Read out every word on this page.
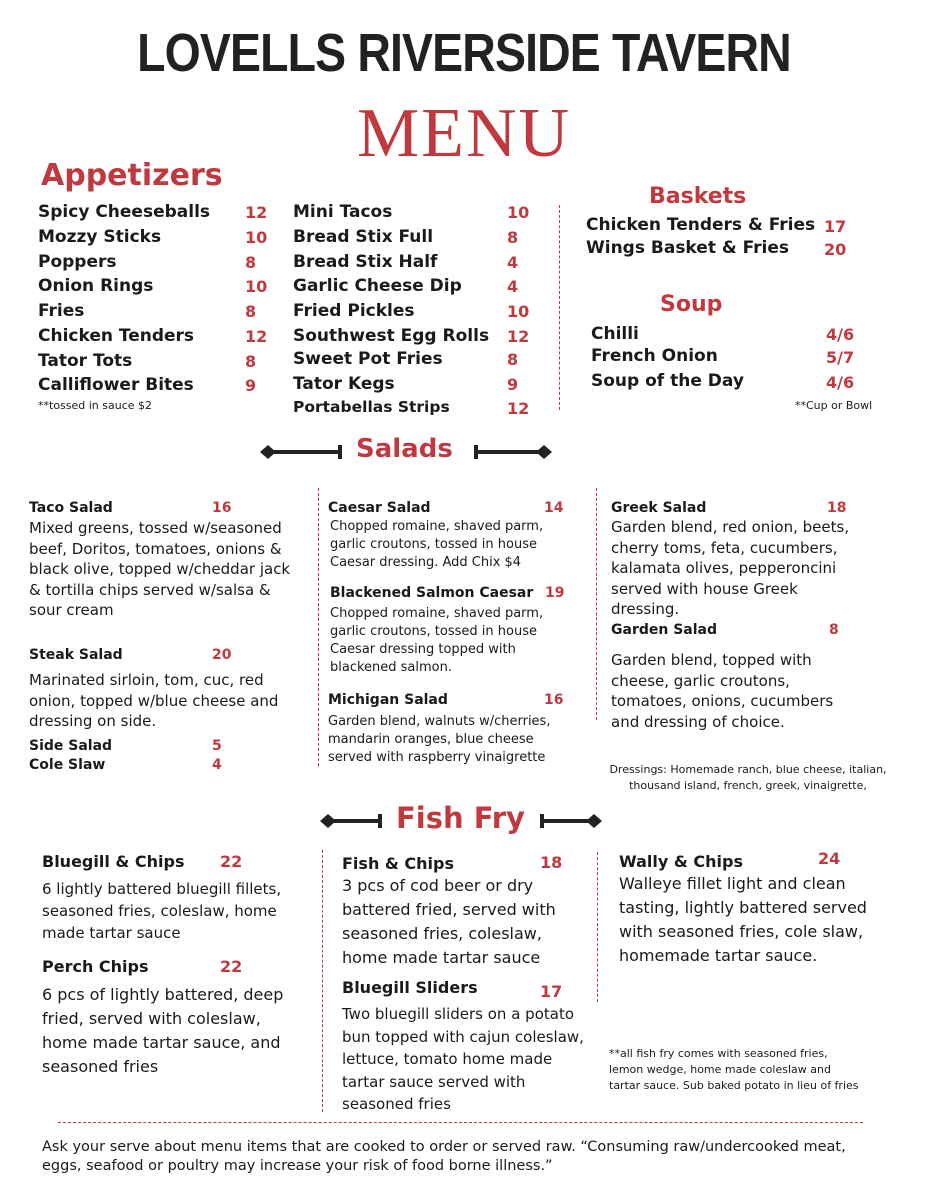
LOVELLS RIVERSIDE TAVERN
MENU
Appetizers
Spicy Cheeseballs 12
Mozzy Sticks	10
Poppers	8
Onion Rings	10
Fries	8
Chicken Tenders	12
Tator Tots	8
Calliflower Bites	9
**tossed in sauce $2
Mini Tacos	10
Bread Stix Full	8
Bread Stix Half	4
Garlic Cheese Dip	4
Fried Pickles	10
Southwest Egg Rolls 12
Sweet Pot Fries	8
Tator Kegs	9
Portabellas Strips	12
Baskets
Chicken Tenders & Fries 17
Wings Basket & Fries 20
Soup
Chilli	4/6
French Onion	5/7
Soup of the Day	4/6
**Cup or Bowl
Salads
Taco Salad	16
Mixed greens, tossed w/seasoned beef, Doritos, tomatoes, onions & black olive, topped w/cheddar jack & tortilla chips served w/salsa & sour cream
Steak Salad	20
Marinated sirloin, tom, cuc, red onion, topped w/blue cheese and dressing on side.
Side Salad	5
Cole Slaw	4
Caesar Salad	14
Chopped romaine, shaved parm, garlic croutons, tossed in house Caesar dressing. Add Chix $4
Blackened Salmon Caesar 19
Chopped romaine, shaved parm, garlic croutons, tossed in house Caesar dressing topped with blackened salmon.
Michigan Salad	16
Garden blend, walnuts w/cherries, mandarin oranges, blue cheese served with raspberry vinaigrette
Greek Salad	18
Garden blend, red onion, beets, cherry toms, feta, cucumbers, kalamata olives, pepperoncini served with house Greek dressing.
Garden Salad	8
Garden blend, topped with cheese, garlic croutons, tomatoes, onions, cucumbers and dressing of choice.
Dressings: Homemade ranch, blue cheese, italian, thousand island, french, greek, vinaigrette,
Fish Fry
Bluegill & Chips 22
6 lightly battered bluegill fillets, seasoned fries, coleslaw, home made tartar sauce
Perch Chips	22
6 pcs of lightly battered, deep fried, served with coleslaw, home made tartar sauce, and seasoned fries
Fish & Chips	18
3 pcs of cod beer or dry battered fried, served with seasoned fries, coleslaw, home made tartar sauce
Bluegill Sliders	17
Two bluegill sliders on a potato bun topped with cajun coleslaw, lettuce, tomato home made tartar sauce served with seasoned fries
Wally & Chips	24
Walleye fillet light and clean tasting, lightly battered served with seasoned fries, cole slaw, homemade tartar sauce.
**all fish fry comes with seasoned fries, lemon wedge, home made coleslaw and tartar sauce. Sub baked potato in lieu of fries
Ask your serve about menu items that are cooked to order or served raw. “Consuming raw/undercooked meat, eggs, seafood or poultry may increase your risk of food borne illness.”
